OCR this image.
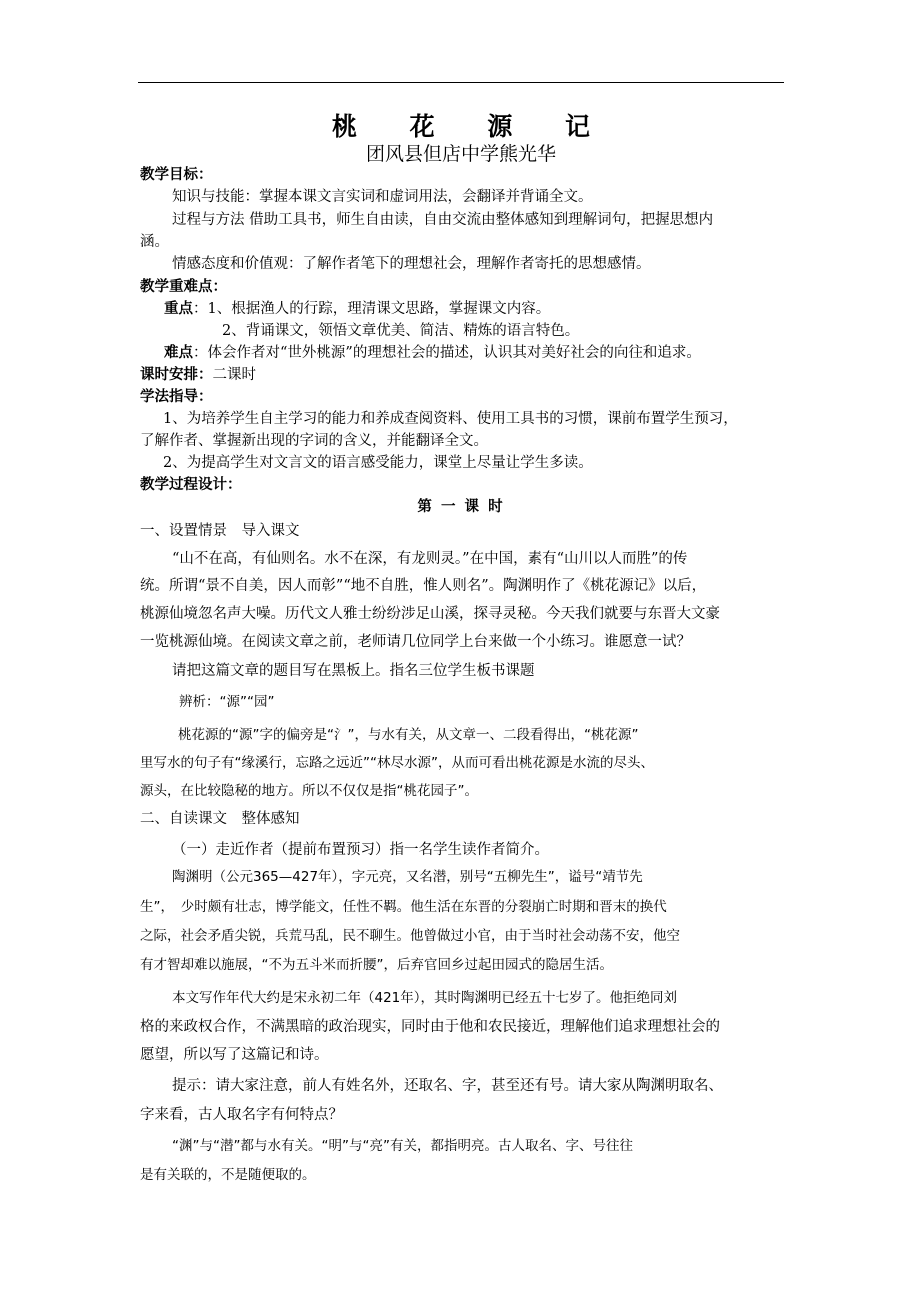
桃 花 源 记
团风县但店中学熊光华
教学目标：
知识与技能：掌握本课文言实词和虚词用法，会翻译并背诵全文。
过程与方法 借助工具书，师生自由读，自由交流由整体感知到理解词句，把握思想内
涵。
情感态度和价值观：了解作者笔下的理想社会，理解作者寄托的思想感情。
教学重难点：
重点：1、根据渔人的行踪，理清课文思路，掌握课文内容。
2、背诵课文，领悟文章优美、简洁、精炼的语言特色。
难点：体会作者对“世外桃源”的理想社会的描述，认识其对美好社会的向往和追求。
课时安排：二课时
学法指导：
1、为培养学生自主学习的能力和养成查阅资料、使用工具书的习惯，课前布置学生预习，
了解作者、掌握新出现的字词的含义，并能翻译全文。
2、为提高学生对文言文的语言感受能力，课堂上尽量让学生多读。
教学过程设计：
第 一 课 时
一、设置情景　导入课文
“山不在高，有仙则名。水不在深，有龙则灵。”在中国，素有“山川以人而胜”的传
统。所谓“景不自美，因人而彰”“地不自胜，惟人则名”。陶渊明作了《桃花源记》以后，
桃源仙境忽名声大噪。历代文人雅士纷纷涉足山溪，探寻灵秘。今天我们就要与东晋大文豪
一览桃源仙境。在阅读文章之前，老师请几位同学上台来做一个小练习。谁愿意一试？
请把这篇文章的题目写在黑板上。指名三位学生板书课题
辨析：“源”“园”
桃花源的“源”字的偏旁是“氵”，与水有关，从文章一、二段看得出，“桃花源”
里写水的句子有“缘溪行，忘路之远近”“林尽水源”，从而可看出桃花源是水流的尽头、
源头，在比较隐秘的地方。所以不仅仅是指“桃花园子”。
二、自读课文　整体感知
（一）走近作者（提前布置预习）指一名学生读作者简介。
陶渊明（公元365—427年），字元亮，又名潜，别号“五柳先生”，谥号“靖节先
生”，　少时颇有壮志，博学能文，任性不羁。他生活在东晋的分裂崩亡时期和晋末的换代
之际，社会矛盾尖锐，兵荒马乱，民不聊生。他曾做过小官，由于当时社会动荡不安，他空
有才智却难以施展，“不为五斗米而折腰”，后弃官回乡过起田园式的隐居生活。
本文写作年代大约是宋永初二年（421年），其时陶渊明已经五十七岁了。他拒绝同刘
格的来政权合作，不满黑暗的政治现实，同时由于他和农民接近，理解他们追求理想社会的
愿望，所以写了这篇记和诗。
提示：请大家注意，前人有姓名外，还取名、字，甚至还有号。请大家从陶渊明取名、
字来看，古人取名字有何特点？
“渊”与“潜”都与水有关。“明”与“亮”有关，都指明亮。古人取名、字、号往往
是有关联的，不是随便取的。
